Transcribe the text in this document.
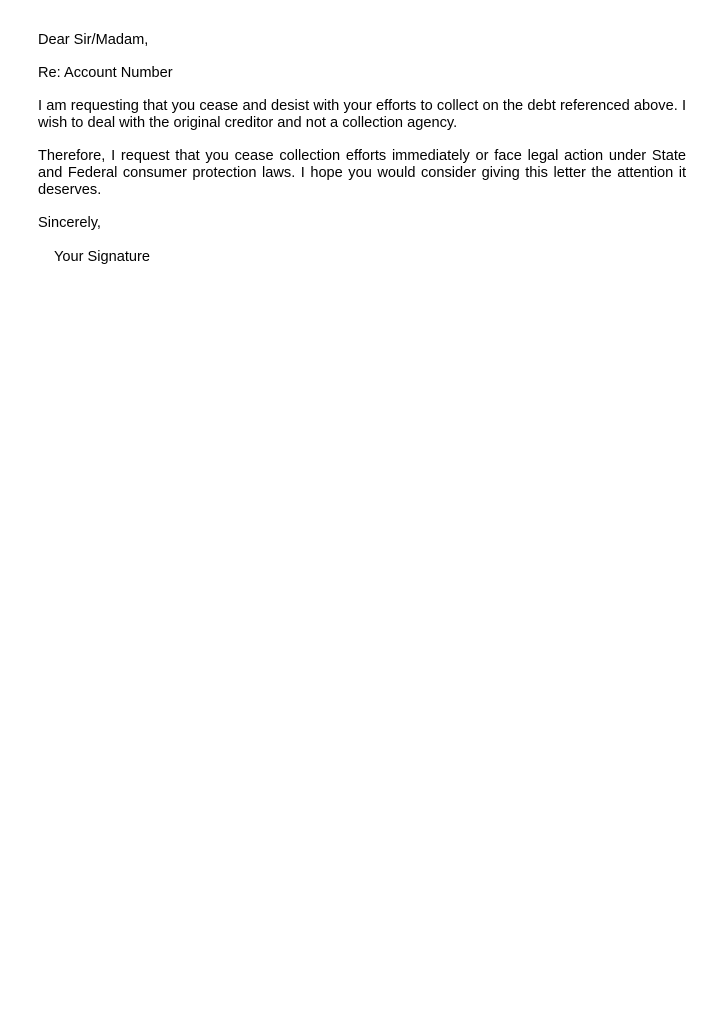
Dear Sir/Madam,

Re: Account Number

I am requesting that you cease and desist with your efforts to collect on the debt referenced above. I wish to deal with the original creditor and not a collection agency.

Therefore, I request that you cease collection efforts immediately or face legal action under State and Federal consumer protection laws. I hope you would consider giving this letter the attention it deserves.

Sincerely,

Your Signature
